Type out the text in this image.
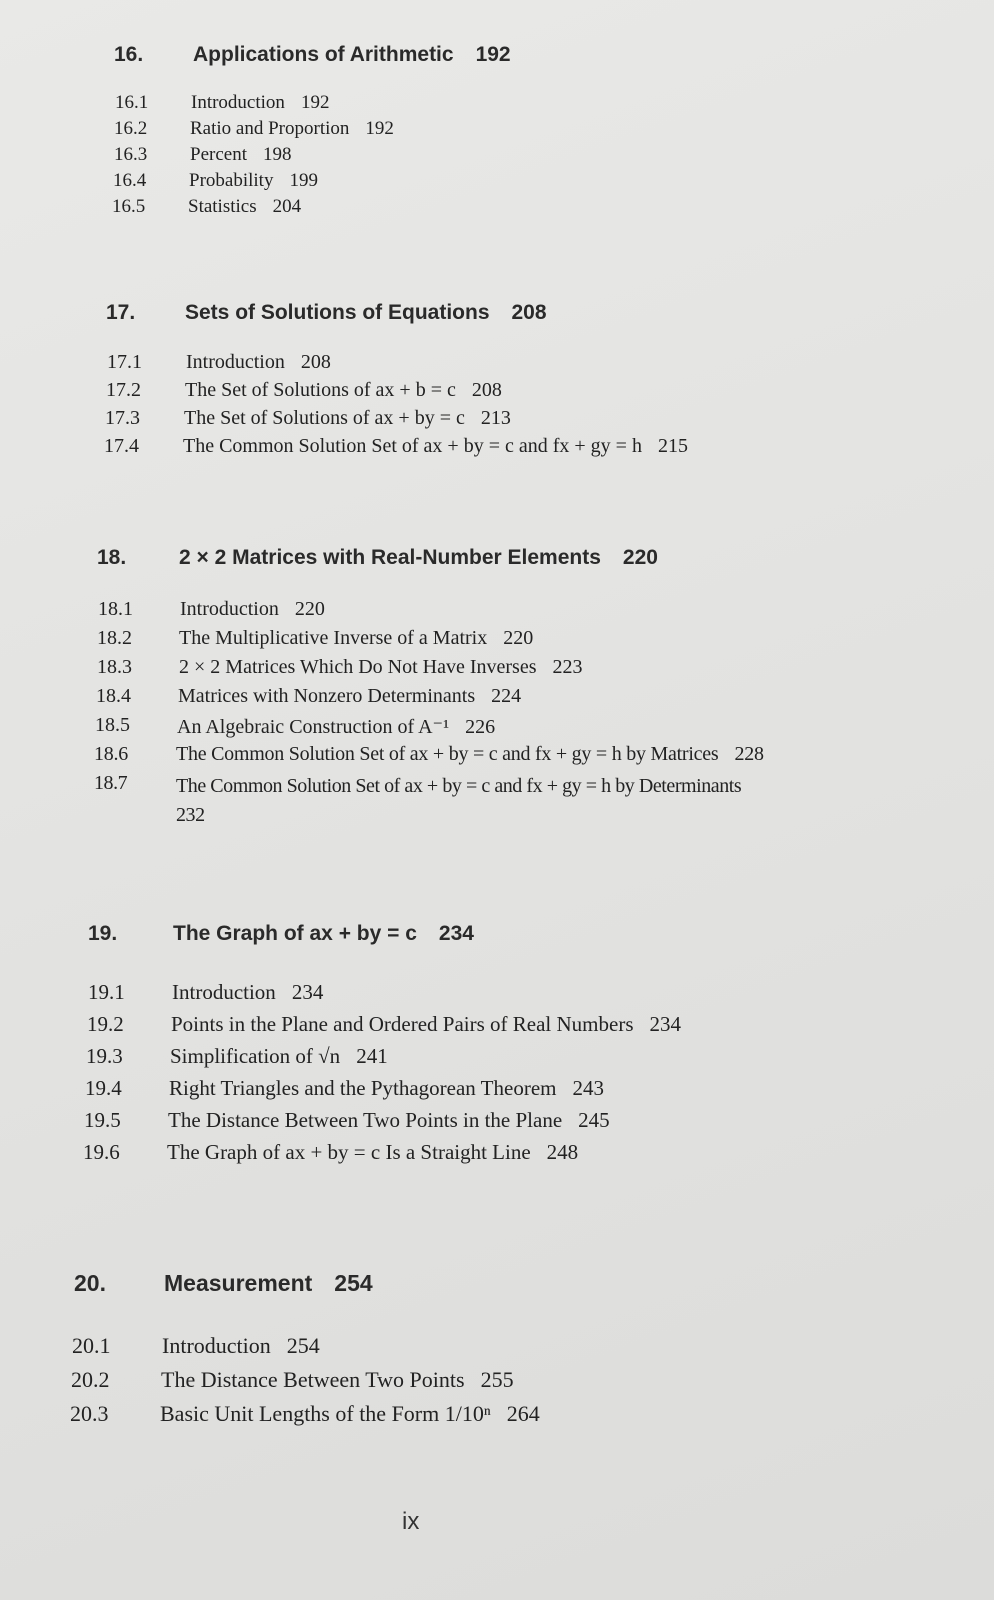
16. Applications of Arithmetic 192
16.1 Introduction 192
16.2 Ratio and Proportion 192
16.3 Percent 198
16.4 Probability 199
16.5 Statistics 204
17. Sets of Solutions of Equations 208
17.1 Introduction 208
17.2 The Set of Solutions of ax + b = c 208
17.3 The Set of Solutions of ax + by = c 213
17.4 The Common Solution Set of ax + by = c and fx + gy = h 215
18.	2 × 2 Matrices with Real-Number Elements 220
18.1 Introduction 220
18.2 The Multiplicative Inverse of a Matrix 220
18.3 2 × 2 Matrices Which Do Not Have Inverses 223
18.4 Matrices with Nonzero Determinants 224
18.5 An Algebraic Construction of A⁻¹ 226
18.6 The Common Solution Set of ax + by = c and fx + gy = h by Matrices 228
18.7 The Common Solution Set of ax + by = c and fx + gy = h by Determinants
232
19.	The Graph of ax + by = c 234
19.1 Introduction 234
19.2 Points in the Plane and Ordered Pairs of Real Numbers 234
19.3 Simplification of √n 241
19.4 Right Triangles and the Pythagorean Theorem 243
19.5 The Distance Between Two Points in the Plane 245
19.6 The Graph of ax + by = c Is a Straight Line 248
20.	Measurement 254
20.1 Introduction 254
20.2 The Distance Between Two Points 255
20.3 Basic Unit Lengths of the Form 1/10ⁿ 264
ix
